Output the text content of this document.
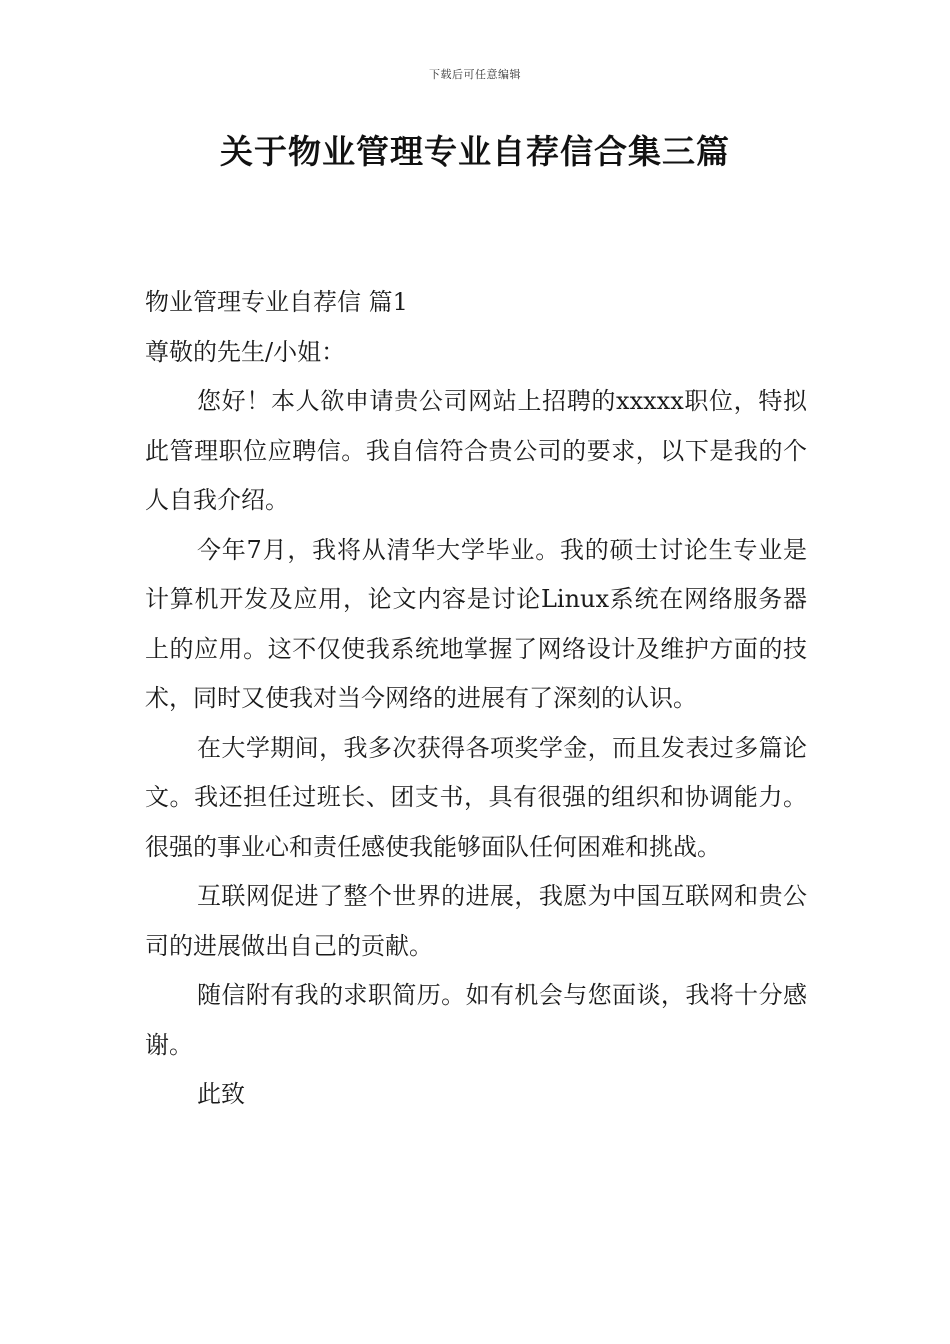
下载后可任意编辑
关于物业管理专业自荐信合集三篇

物业管理专业自荐信 篇1

尊敬的先生/小姐：

您好！本人欲申请贵公司网站上招聘的xxxxx职位，特拟此管理职位应聘信。我自信符合贵公司的要求，以下是我的个人自我介绍。

今年7月，我将从清华大学毕业。我的硕士讨论生专业是计算机开发及应用，论文内容是讨论Linux系统在网络服务器上的应用。这不仅使我系统地掌握了网络设计及维护方面的技术，同时又使我对当今网络的进展有了深刻的认识。

在大学期间，我多次获得各项奖学金，而且发表过多篇论文。我还担任过班长、团支书，具有很强的组织和协调能力。很强的事业心和责任感使我能够面队任何困难和挑战。

互联网促进了整个世界的进展，我愿为中国互联网和贵公司的进展做出自己的贡献。

随信附有我的求职简历。如有机会与您面谈，我将十分感谢。

此致
